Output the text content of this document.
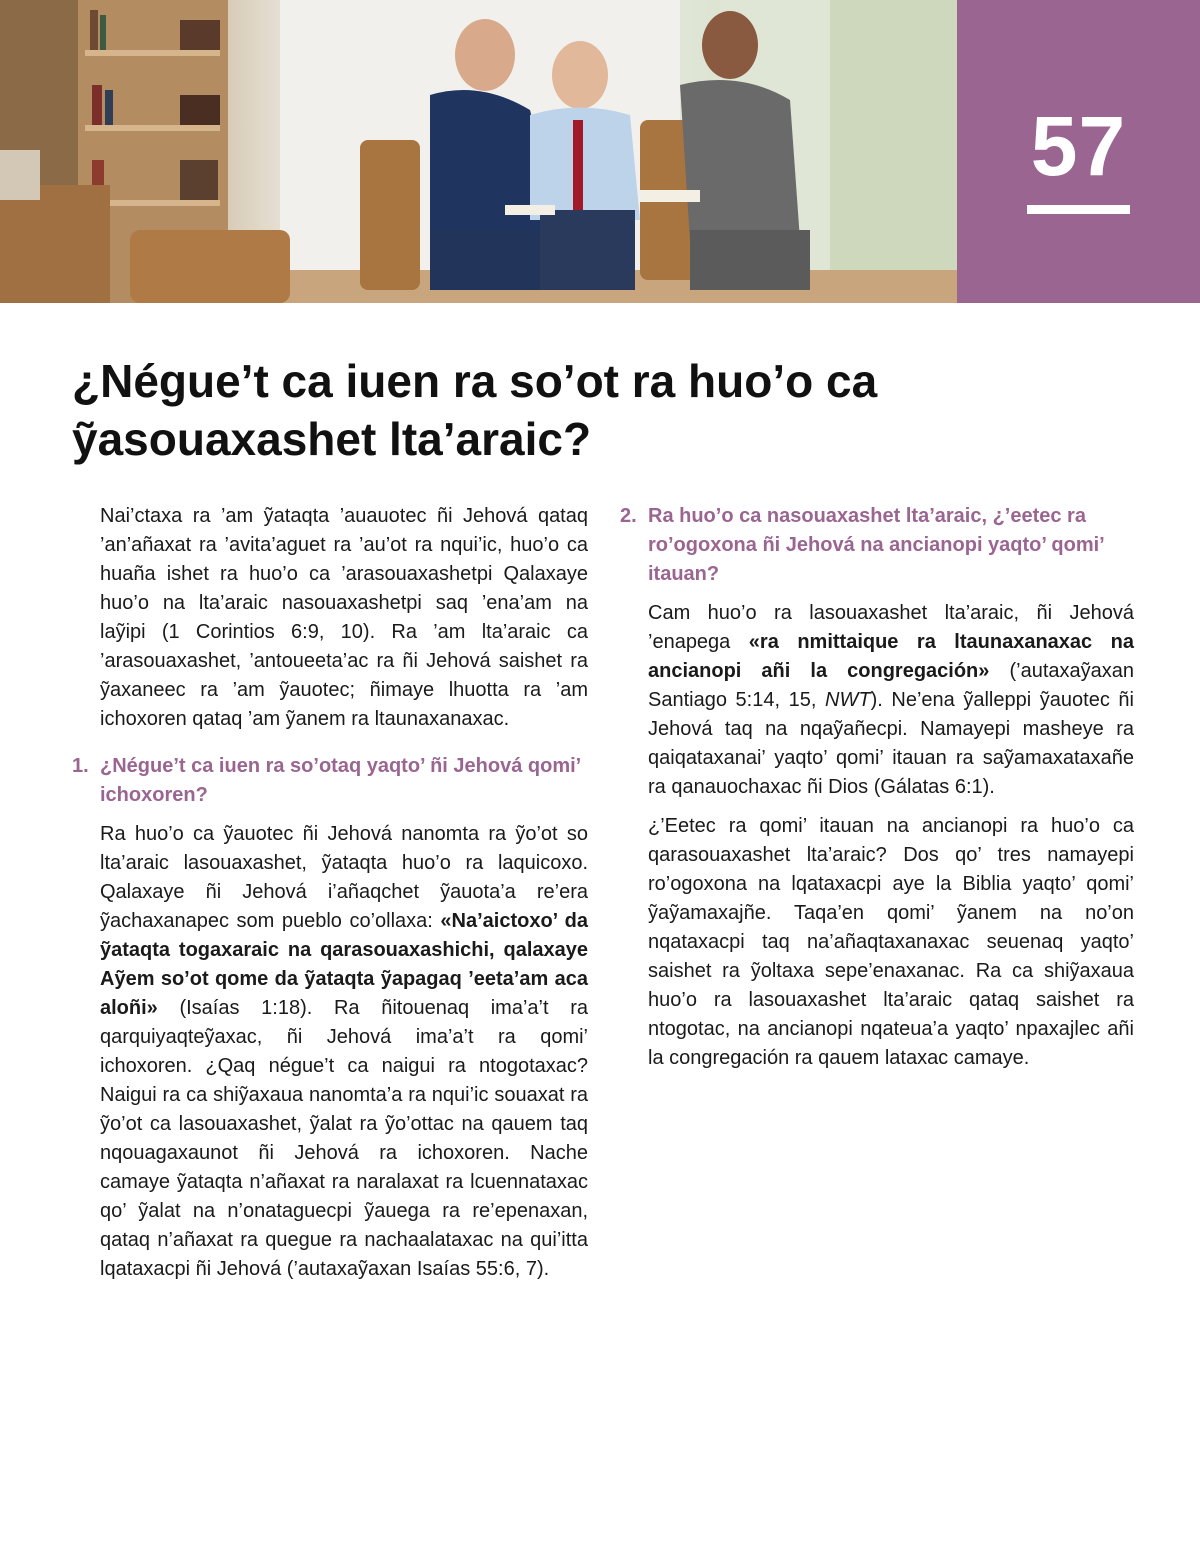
57
¿Négue’t ca iuen ra so’ot ra huo’o ca ỹasouaxashet lta’araic?

Nai’ctaxa ra ’am ỹataqta ’auauotec ñi Jehová qataq ’an’añaxat ra ’avita’aguet ra ’au’ot ra nqui’ic, huo’o ca huaña ishet ra huo’o ca ’arasouaxashetpi Qalaxaye huo’o na lta’araic nasouaxashetpi saq ’ena’am na laỹipi (1 Corintios 6:9, 10). Ra ’am lta’araic ca ’arasouaxashet, ’antoueeta’ac ra ñi Jehová saishet ra ỹaxaneec ra ’am ỹauotec; ñimaye lhuotta ra ’am ichoxoren qataq ’am ỹanem ra ltaunaxanaxac.

1. ¿Négue’t ca iuen ra so’otaq yaqto’ ñi Jehová qomi’ ichoxoren?

Ra huo’o ca ỹauotec ñi Jehová nanomta ra ỹo’ot so lta’araic lasouaxashet, ỹataqta huo’o ra laquicoxo. Qalaxaye ñi Jehová i’añaqchet ỹauota’a re’era ỹachaxanapec som pueblo co’ollaxa: «Na’aictoxo’ da ỹataqta togaxaraic na qarasouaxashichi, qalaxaye Aỹem so’ot qome da ỹataqta ỹapagaq ’eeta’am aca aloñi» (Isaías 1:18). Ra ñitouenaq ima’a’t ra qarquiyaqteỹaxac, ñi Jehová ima’a’t ra qomi’ ichoxoren. ¿Qaq négue’t ca naigui ra ntogotaxac? Naigui ra ca shiỹaxaua nanomta’a ra nqui’ic souaxat ra ỹo’ot ca lasouaxashet, ỹalat ra ỹo’ottac na qauem taq nqouagaxaunot ñi Jehová ra ichoxoren. Nache camaye ỹataqta n’añaxat ra naralaxat ra lcuennataxac qo’ ỹalat na n’onataguecpi ỹauega ra re’epenaxan, qataq n’añaxat ra quegue ra nachaalataxac na qui’itta lqataxacpi ñi Jehová (’autaxaỹaxan Isaías 55:6, 7).

2. Ra huo’o ca nasouaxashet lta’araic, ¿’eetec ra ro’ogoxona ñi Jehová na ancianopi yaqto’ qomi’ itauan?

Cam huo’o ra lasouaxashet lta’araic, ñi Jehová ’enapega «ra nmittaique ra ltaunaxanaxac na ancianopi añi la congregación» (’autaxaỹaxan Santiago 5:14, 15, NWT). Ne’ena ỹalleppi ỹauotec ñi Jehová taq na nqaỹañecpi. Namayepi masheye ra qaiqataxanai’ yaqto’ qomi’ itauan ra saỹamaxataxañe ra qanauochaxac ñi Dios (Gálatas 6:1).

¿’Eetec ra qomi’ itauan na ancianopi ra huo’o ca qarasouaxashet lta’araic? Dos qo’ tres namayepi ro’ogoxona na lqataxacpi aye la Biblia yaqto’ qomi’ ỹaỹamaxajñe. Taqa’en qomi’ ỹanem na no’on nqataxacpi taq na’añaqtaxanaxac seuenaq yaqto’ saishet ra ỹoltaxa sepe’enaxanac. Ra ca shiỹaxaua huo’o ra lasouaxashet lta’araic qataq saishet ra ntogotac, na ancianopi nqateua’a yaqto’ npaxajlec añi la congregación ra qauem lataxac camaye.
